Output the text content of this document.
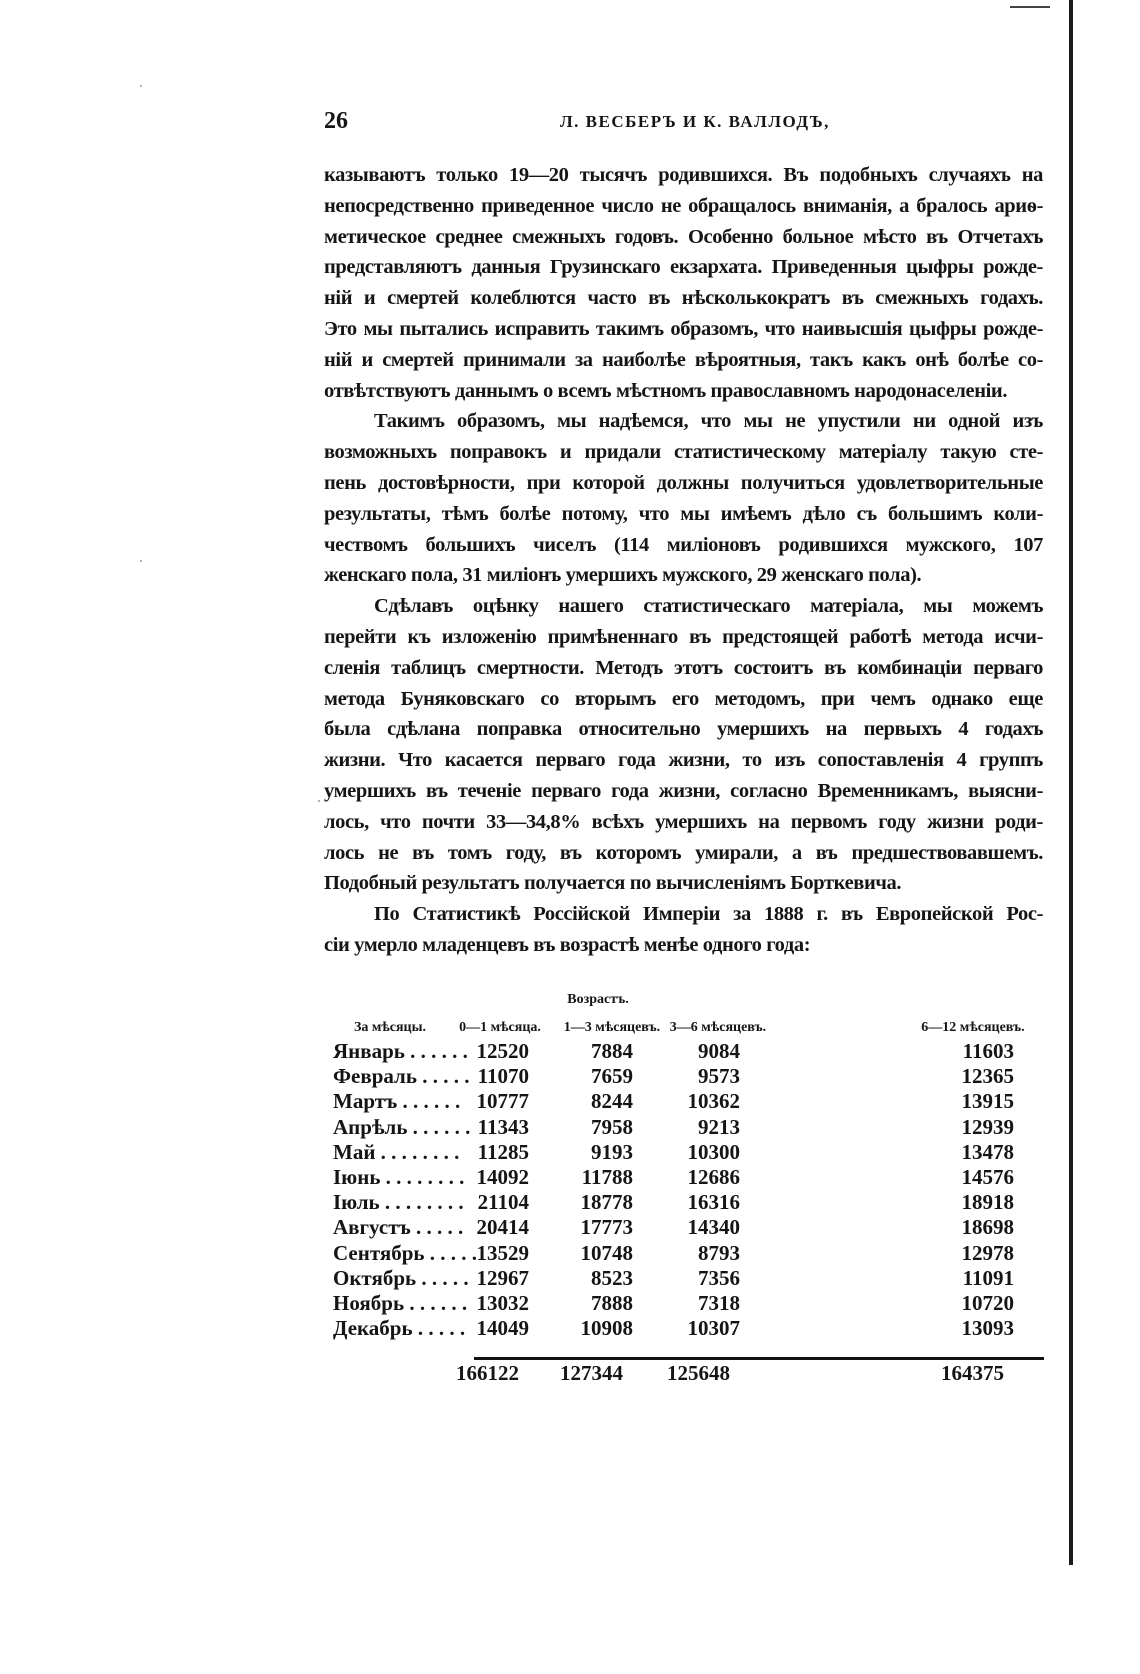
26	Л. ВЕСБЕРЪ И К. ВАЛЛОДЪ,
казываютъ только 19—20 тысячъ родившихся. Въ подобныхъ случаяхъ на
непосредственно приведенное число не обращалось вниманія, а бралось ариѳ-
метическое среднее смежныхъ годовъ. Особенно больное мѣсто въ Отчетахъ
представляютъ данныя Грузинскаго екзархата. Приведенныя цыфры рожде-
ній и смертей колеблются часто въ нѣсколькократъ въ смежныхъ годахъ.
Это мы пытались исправить такимъ образомъ, что наивысшія цыфры рожде-
ній и смертей принимали за наиболѣе вѣроятныя, такъ какъ онѣ болѣе со-
отвѣтствуютъ даннымъ о всемъ мѣстномъ православномъ народонаселеніи.
Такимъ образомъ, мы надѣемся, что мы не упустили ни одной изъ
возможныхъ поправокъ и придали статистическому матеріалу такую сте-
пень достовѣрности, при которой должны получиться удовлетворительные
результаты, тѣмъ болѣе потому, что мы имѣемъ дѣло съ большимъ коли-
чествомъ большихъ чиселъ (114 миліоновъ родившихся мужского, 107
женскаго пола, 31 миліонъ умершихъ мужского, 29 женскаго пола).
Сдѣлавъ оцѣнку нашего статистическаго матеріала, мы можемъ
перейти къ изложенію примѣненнаго въ предстоящей работѣ метода исчи-
сленія таблицъ смертности. Методъ этотъ состоитъ въ комбинаціи перваго
метода Буняковскаго со вторымъ его методомъ, при чемъ однако еще
была сдѣлана поправка относительно умершихъ на первыхъ 4 годахъ
жизни. Что касается перваго года жизни, то изъ сопоставленія 4 группъ
умершихъ въ теченіе перваго года жизни, согласно Временникамъ, выясни-
лось, что почти 33—34,8% всѣхъ умершихъ на первомъ году жизни роди-
лось не въ томъ году, въ которомъ умирали, а въ предшествовавшемъ.
Подобный результатъ получается по вычисленіямъ Борткевича.
По Статистикѣ Россійской Имперіи за 1888 г. въ Европейской Рос-
сіи умерло младенцевъ въ возрастѣ менѣе одного года:
Возрастъ.
За мѣсяцы. 0—1 мѣсяца. 1—3 мѣсяцевъ. 3—6 мѣсяцевъ.	6—12 мѣсяцевъ.
Январь . . . . . . 12520	7884	9084	11603
Февраль . . . . . 11070	7659	9573	12365
Мартъ . . . . . . 10777	8244	10362	13915
Апрѣль . . . . . . 11343	7958	9213	12939
Май . . . . . . . . 11285	9193	10300	13478
Іюнь . . . . . . . . 14092	11788	12686	14576
Іюль . . . . . . . . 21104	18778	16316	18918
Августъ . . . . . 20414	17773	14340	18698
Сентябрь . . . . . 13529	10748	8793	12978
Октябрь . . . . . 12967	8523	7356	11091
Ноябрь . . . . . . 13032	7888	7318	10720
Декабрь . . . . . 14049	10908	10307	13093
166122	127344	125648	164375
